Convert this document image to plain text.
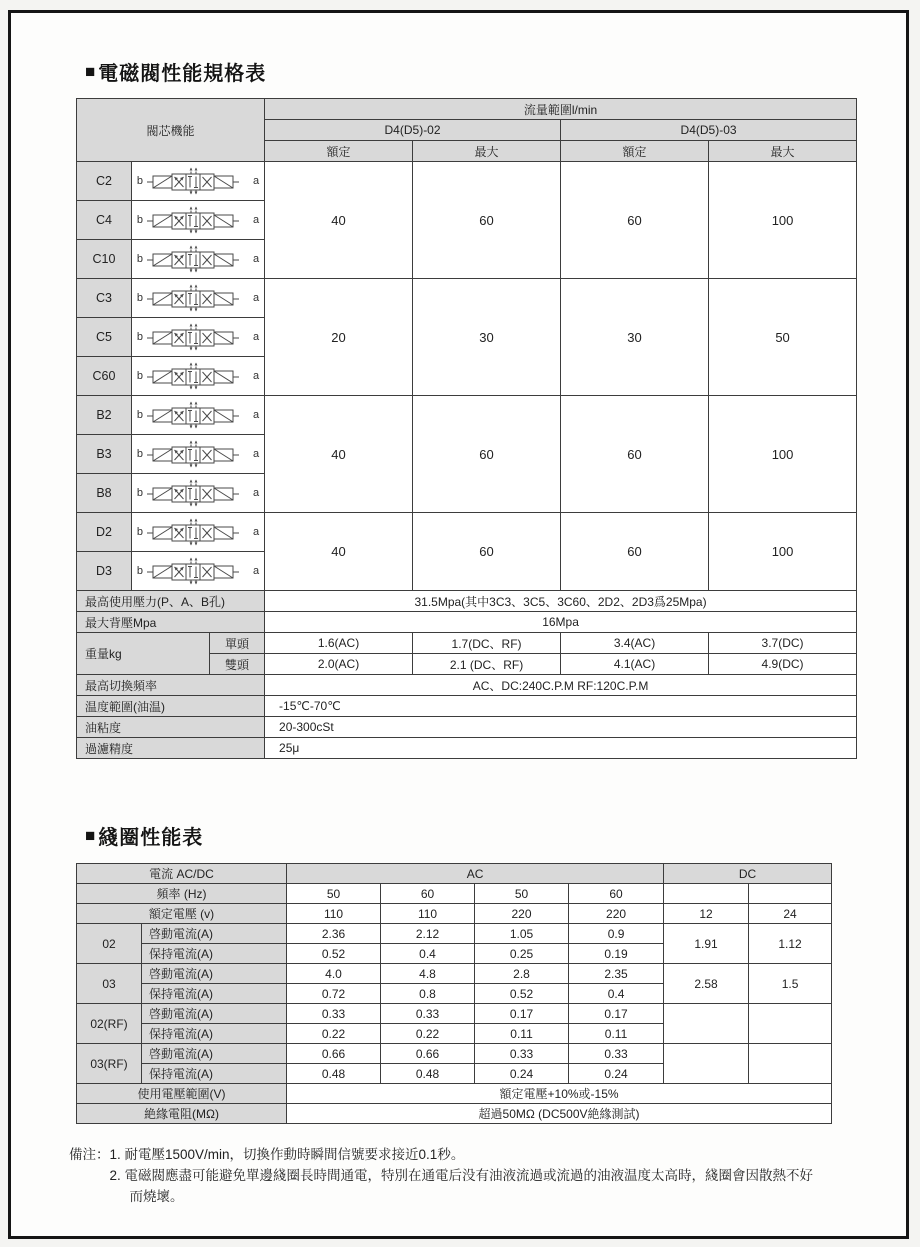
■ 電磁閥性能規格表
閥芯機能			流量範圍l/min			
			D4(D5)-02		D4(D5)-03	
			額定	最大	額定	最大
C2	b a		40	60	60	100
C4	b a					

C10	b a					

C3	b a		20	30	30	50
C5	b a					

C60	b a					

B2	b a		40	60	60	100
B3	b a					

B8	b a					

D2	b a		40	60	60	100
D3	b a					

最高使用壓力(P、A、B孔)			31.5Mpa(其中3C3、3C5、3C60、2D2、2D3爲25Mpa)			
最大背壓Mpa			16Mpa			
重量kg		單頭	1.6(AC)	1.7(DC、RF)	3.4(AC)	3.7(DC)
		雙頭	2.0(AC)	2.1 (DC、RF)	4.1(AC)	4.9(DC)
最高切換頻率			AC、DC:240C.P.M RF:120C.P.M			
温度範圍(油温)			-15℃-70℃			
油粘度			20-300cSt			
過濾精度			25μ			
■ 綫圈性能表
電流 AC/DC		AC				DC	
頻率 (Hz)		50	60	50	60		
額定電壓 (v)		110	110	220	220	12	24
02	啓動電流(A)	2.36	2.12	1.05	0.9	1.91	1.12
	保持電流(A)	0.52	0.4	0.25	0.19		
03	啓動電流(A)	4.0	4.8	2.8	2.35	2.58	1.5
	保持電流(A)	0.72	0.8	0.52	0.4		
02(RF)	啓動電流(A)	0.33	0.33	0.17	0.17		
	保持電流(A)	0.22	0.22	0.11	0.11		
03(RF)	啓動電流(A)	0.66	0.66	0.33	0.33		
	保持電流(A)	0.48	0.48	0.24	0.24		
使用電壓範圍(V)		額定電壓+10%或-15%					
絶緣電阻(MΩ)		超過50MΩ (DC500V絶緣測試)					
備注： 1. 耐電壓1500V/min，切換作動時瞬間信號要求接近0.1秒。
2. 電磁閥應盡可能避免單邊綫圈長時間通電，特別在通電后没有油液流過或流過的油液温度太高時，綫圈會因散熱不好而燒壞。
